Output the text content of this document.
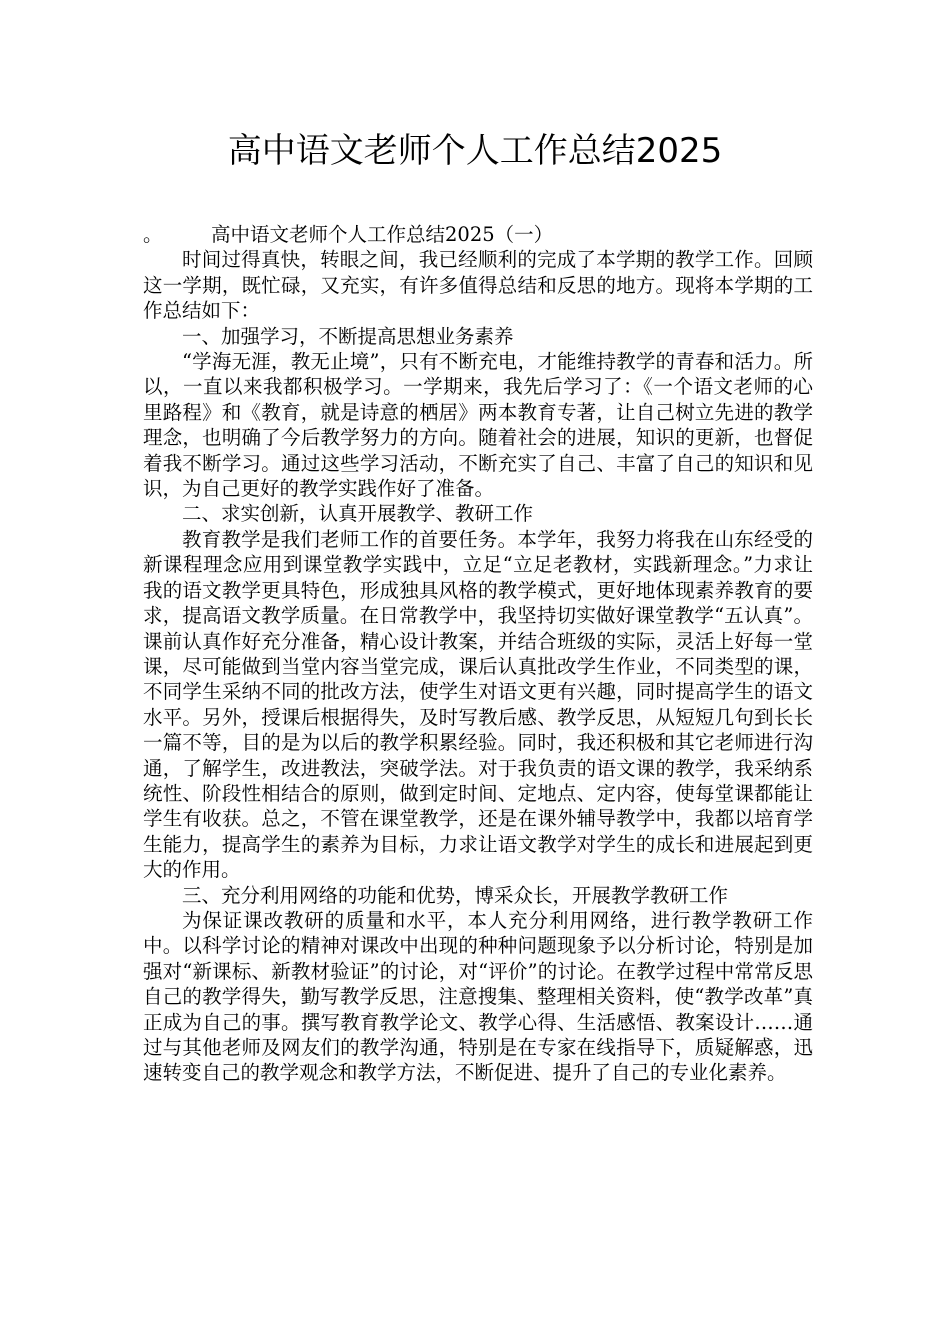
高中语文老师个人工作总结2025

。 高中语文老师个人工作总结2025（一）

时间过得真快，转眼之间，我已经顺利的完成了本学期的教学工作。回顾这一学期，既忙碌，又充实，有许多值得总结和反思的地方。现将本学期的工作总结如下：

一、加强学习，不断提高思想业务素养

“学海无涯，教无止境”，只有不断充电，才能维持教学的青春和活力。所以，一直以来我都积极学习。一学期来，我先后学习了：《一个语文老师的心里路程》和《教育，就是诗意的栖居》两本教育专著，让自己树立先进的教学理念，也明确了今后教学努力的方向。随着社会的进展，知识的更新，也督促着我不断学习。通过这些学习活动，不断充实了自己、丰富了自己的知识和见识，为自己更好的教学实践作好了准备。

二、求实创新，认真开展教学、教研工作

教育教学是我们老师工作的首要任务。本学年，我努力将我在山东经受的新课程理念应用到课堂教学实践中，立足“立足老教材，实践新理念。”力求让我的语文教学更具特色，形成独具风格的教学模式，更好地体现素养教育的要求，提高语文教学质量。在日常教学中，我坚持切实做好课堂教学“五认真”。课前认真作好充分准备，精心设计教案，并结合班级的实际，灵活上好每一堂课，尽可能做到当堂内容当堂完成，课后认真批改学生作业，不同类型的课，不同学生采纳不同的批改方法，使学生对语文更有兴趣，同时提高学生的语文水平。另外，授课后根据得失，及时写教后感、教学反思，从短短几句到长长一篇不等，目的是为以后的教学积累经验。同时，我还积极和其它老师进行沟通，了解学生，改进教法，突破学法。对于我负责的语文课的教学，我采纳系统性、阶段性相结合的原则，做到定时间、定地点、定内容，使每堂课都能让学生有收获。总之，不管在课堂教学，还是在课外辅导教学中，我都以培育学生能力，提高学生的素养为目标，力求让语文教学对学生的成长和进展起到更大的作用。

三、充分利用网络的功能和优势，博采众长，开展教学教研工作

为保证课改教研的质量和水平，本人充分利用网络，进行教学教研工作中。以科学讨论的精神对课改中出现的种种问题现象予以分析讨论，特别是加强对“新课标、新教材验证”的讨论，对“评价”的讨论。在教学过程中常常反思自己的教学得失，勤写教学反思，注意搜集、整理相关资料，使“教学改革”真正成为自己的事。撰写教育教学论文、教学心得、生活感悟、教案设计……通过与其他老师及网友们的教学沟通，特别是在专家在线指导下，质疑解惑，迅速转变自己的教学观念和教学方法，不断促进、提升了自己的专业化素养。
